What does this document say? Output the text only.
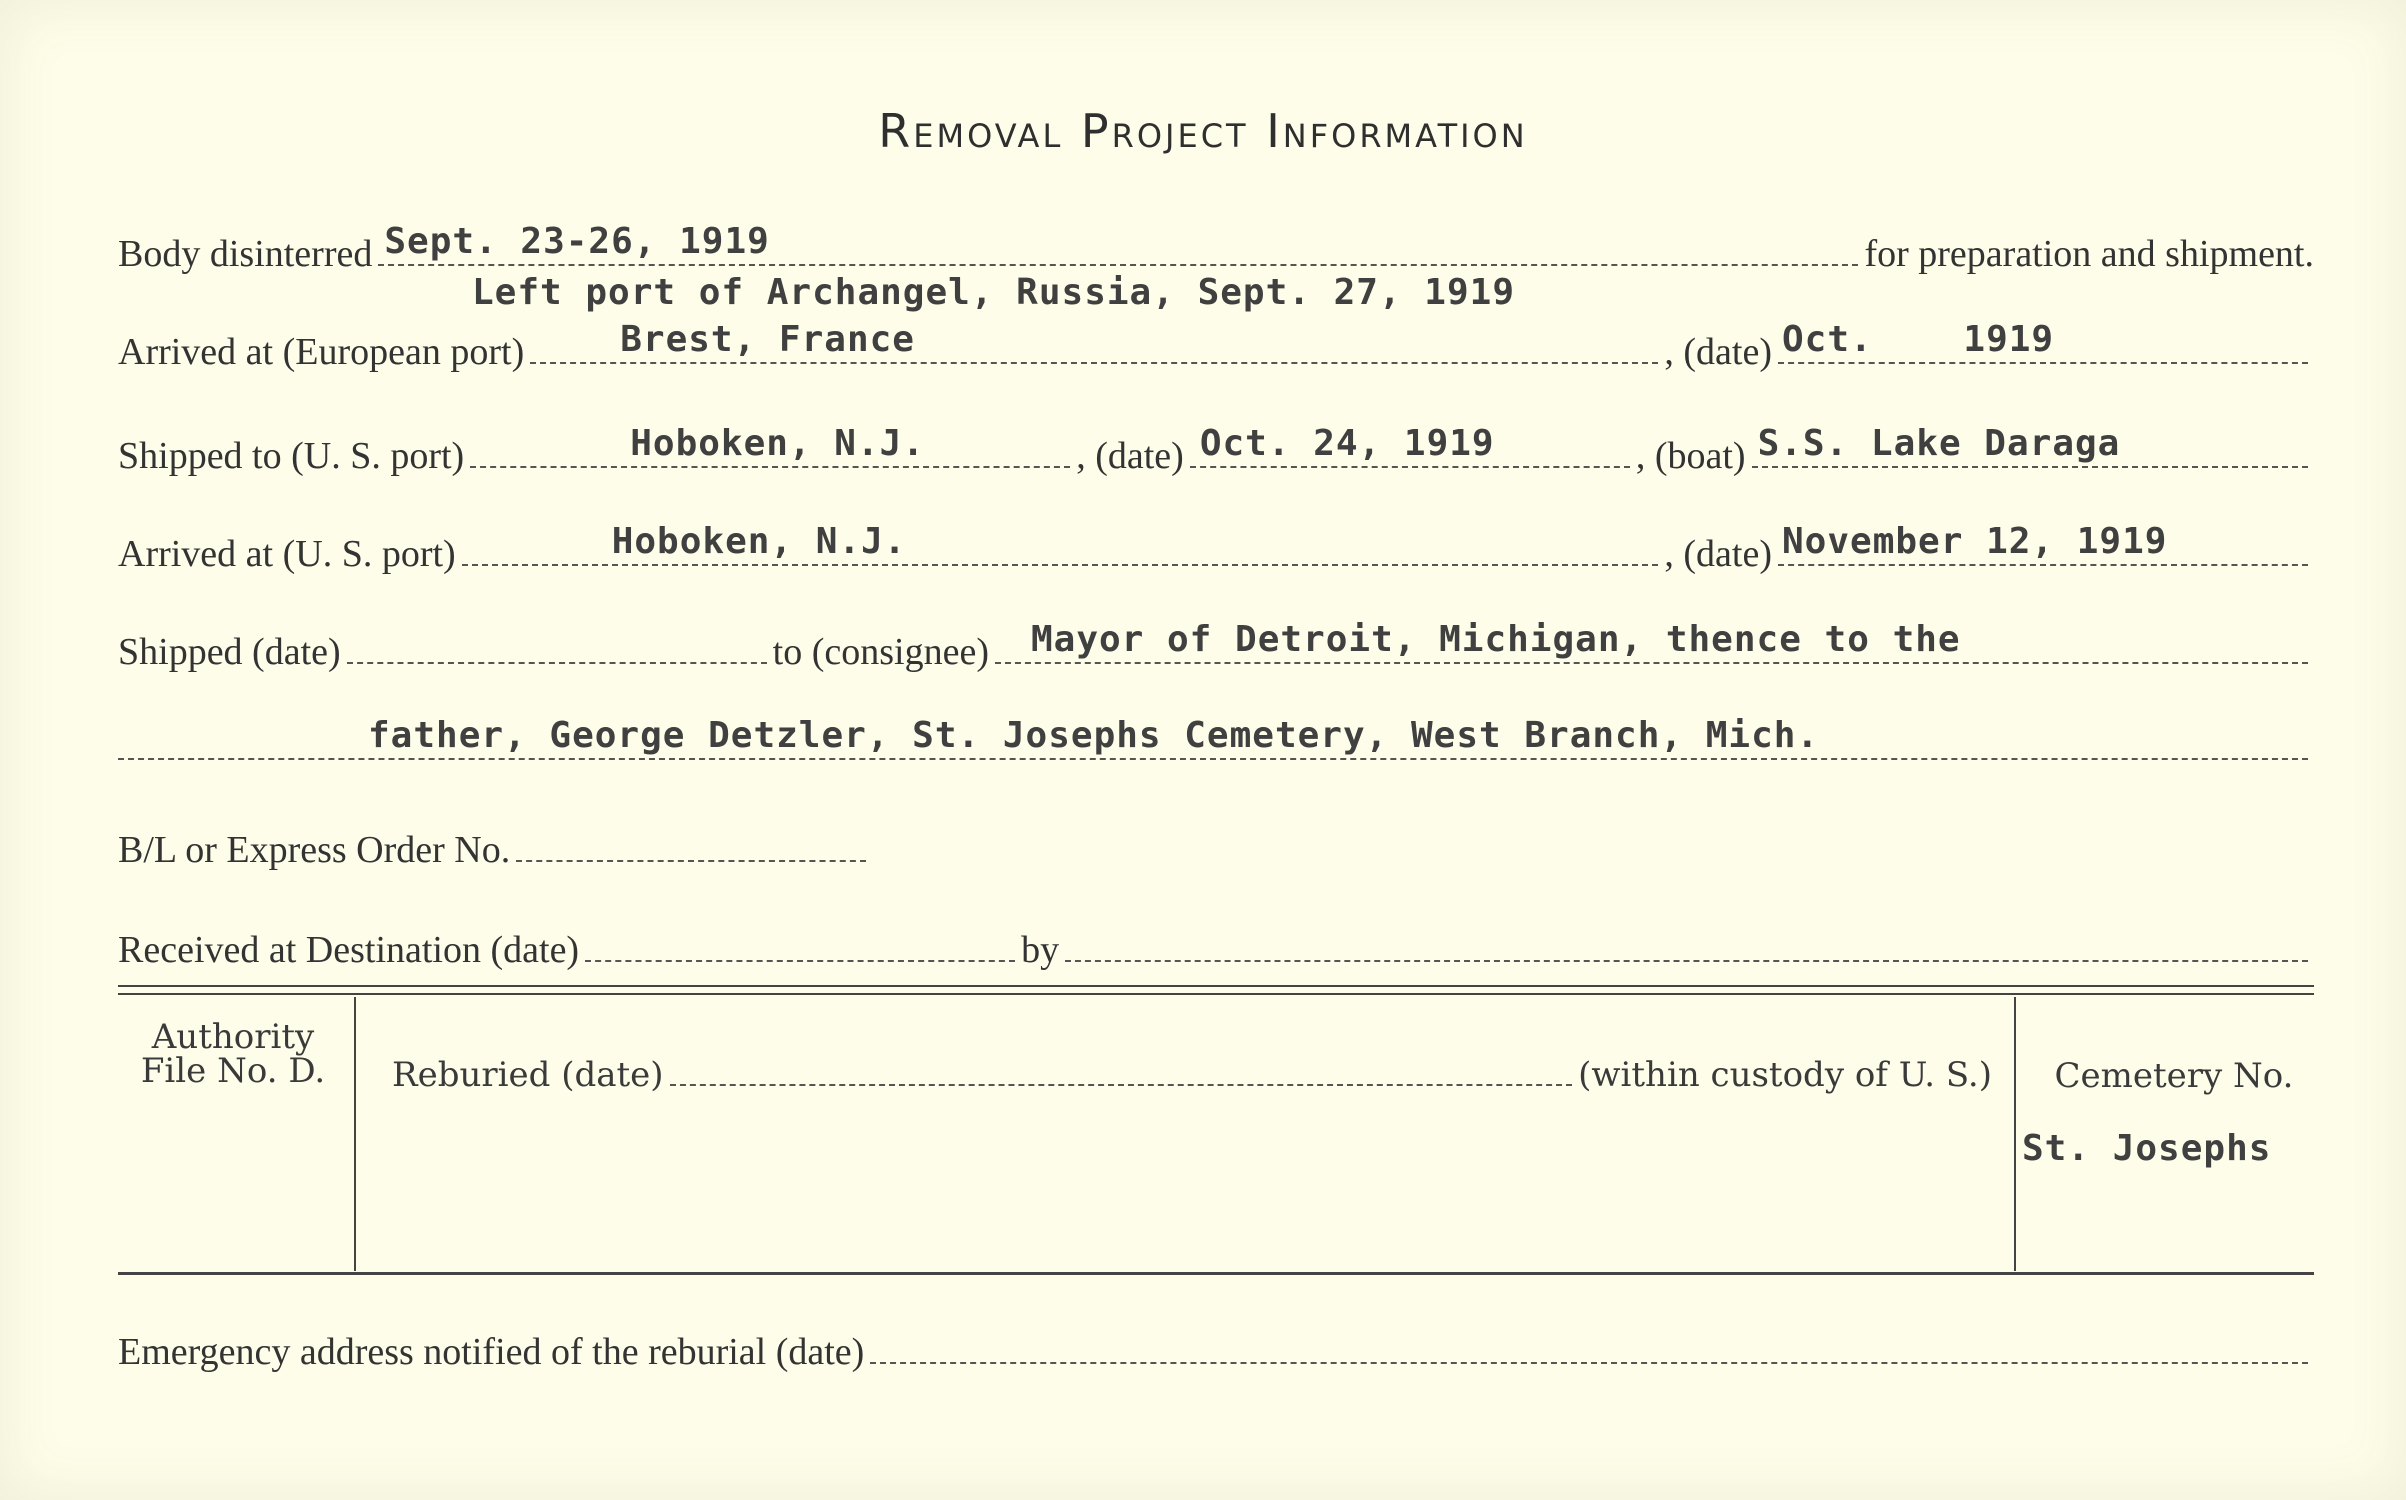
Removal Project Information
Body disinterred Sept. 23-26, 1919	for preparation and shipment.
Left port of Archangel, Russia, Sept. 27, 1919
Arrived at (European port)	Brest, France	, (date) Oct.    1919
Shipped to (U. S. port)	Hoboken, N.J.	, (date) Oct. 24, 1919	, (boat) S.S. Lake Daraga
Arrived at (U. S. port)	Hoboken, N.J.	, (date) November 12, 1919
Shipped (date)	to (consignee) Mayor of Detroit, Michigan, thence to the
father, George Detzler, St. Josephs Cemetery, West Branch, Mich.
B/L or Express Order No.
Received at Destination (date)	by
Authority
File No. D.	Reburied (date)	(within custody of U. S.)	Cemetery No.
St. Josephs
Emergency address notified of the reburial (date)
